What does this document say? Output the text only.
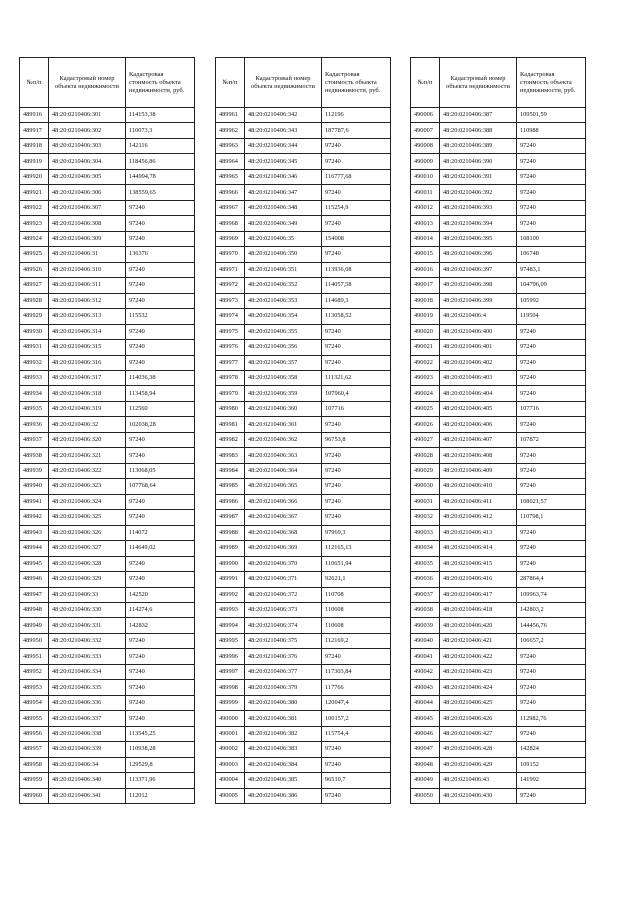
№п/п	Кадастровый номер объекта недвижимости	Кадастровая стоимость объекта недвижимости, руб.
489916	48:20:0210406:301	114153,38
489917	48:20:0210406:302	110073,3
489918	48:20:0210406:303	142116
489919	48:20:0210406:304	118456,86
489920	48:20:0210406:305	144994,78
489921	48:20:0210406:306	138559,65
489922	48:20:0210406:307	97240
489923	48:20:0210406:308	97240
489924	48:20:0210406:309	97240
489925	48:20:0210406:31	136376
489926	48:20:0210406:310	97240
489927	48:20:0210406:311	97240
489928	48:20:0210406:312	97240
489929	48:20:0210406:313	115532
489930	48:20:0210406:314	97240
489931	48:20:0210406:315	97240
489932	48:20:0210406:316	97240
489933	48:20:0210406:317	114036,38
489934	48:20:0210406:318	113458,94
489935	48:20:0210406:319	112560
489936	48:20:0210406:32	102038,28
489937	48:20:0210406:320	97240
489938	48:20:0210406:321	97240
489939	48:20:0210406:322	113068,05
489940	48:20:0210406:323	107768,64
489941	48:20:0210406:324	97240
489942	48:20:0210406:325	97240
489943	48:20:0210406:326	114072
489944	48:20:0210406:327	114649,02
489945	48:20:0210406:328	97240
489946	48:20:0210406:329	97240
489947	48:20:0210406:33	142520
489948	48:20:0210406:330	114274,6
489949	48:20:0210406:331	142832
489950	48:20:0210406:332	97240
489951	48:20:0210406:333	97240
489952	48:20:0210406:334	97240
489953	48:20:0210406:335	97240
489954	48:20:0210406:336	97240
489955	48:20:0210406:337	97240
489956	48:20:0210406:338	113545,25
489957	48:20:0210406:339	110938,28
489958	48:20:0210406:34	129529,8
489959	48:20:0210406:340	113371,96
489960	48:20:0210406:341	112012
№п/п	Кадастровый номер объекта недвижимости	Кадастровая стоимость объекта недвижимости, руб.
489961	48:20:0210406:342	112196
489962	48:20:0210406:343	187787,6
489963	48:20:0210406:344	97240
489964	48:20:0210406:345	97240
489965	48:20:0210406:346	116777,68
489966	48:20:0210406:347	97240
489967	48:20:0210406:348	115254,9
489968	48:20:0210406:349	97240
489969	48:20:0210406:35	154008
489970	48:20:0210406:350	97240
489971	48:20:0210406:351	113936,08
489972	48:20:0210406:352	114057,58
489973	48:20:0210406:353	114689,3
489974	48:20:0210406:354	113058,52
489975	48:20:0210406:355	97240
489976	48:20:0210406:356	97240
489977	48:20:0210406:357	97240
489978	48:20:0210406:358	111321,62
489979	48:20:0210406:359	107960,4
489980	48:20:0210406:360	107716
489981	48:20:0210406:361	97240
489982	48:20:0210406:362	96753,8
489983	48:20:0210406:363	97240
489984	48:20:0210406:364	97240
489985	48:20:0210406:365	97240
489986	48:20:0210406:366	97240
489987	48:20:0210406:367	97240
489988	48:20:0210406:368	97969,3
489989	48:20:0210406:369	112165,13
489990	48:20:0210406:370	110651,94
489991	48:20:0210406:371	92621,1
489992	48:20:0210406:372	110708
489993	48:20:0210406:373	110608
489994	48:20:0210406:374	110608
489995	48:20:0210406:375	112169,2
489996	48:20:0210406:376	97240
489997	48:20:0210406:377	117303,84
489998	48:20:0210406:379	117766
489999	48:20:0210406:380	120047,4
490000	48:20:0210406:381	100157,2
490001	48:20:0210406:382	115754,4
490002	48:20:0210406:383	97240
490003	48:20:0210406:384	97240
490004	48:20:0210406:385	96510,7
490005	48:20:0210406:386	97240
№п/п	Кадастровый номер объекта недвижимости	Кадастровая стоимость объекта недвижимости, руб.
490006	48:20:0210406:387	109501,59
490007	48:20:0210406:388	110988
490008	48:20:0210406:389	97240
490009	48:20:0210406:390	97240
490010	48:20:0210406:391	97240
490011	48:20:0210406:392	97240
490012	48:20:0210406:393	97240
490013	48:20:0210406:394	97240
490014	48:20:0210406:395	108100
490015	48:20:0210406:396	106748
490016	48:20:0210406:397	97483,1
490017	48:20:0210406:398	104796,09
490018	48:20:0210406:399	105992
490019	48:20:0210406:4	119504
490020	48:20:0210406:400	97240
490021	48:20:0210406:401	97240
490022	48:20:0210406:402	97240
490023	48:20:0210406:403	97240
490024	48:20:0210406:404	97240
490025	48:20:0210406:405	107716
490026	48:20:0210406:406	97240
490027	48:20:0210406:407	107872
490028	48:20:0210406:408	97240
490029	48:20:0210406:409	97240
490030	48:20:0210406:410	97240
490031	48:20:0210406:411	108021,57
490032	48:20:0210406:412	110798,1
490033	48:20:0210406:413	97240
490034	48:20:0210406:414	97240
490035	48:20:0210406:415	97240
490036	48:20:0210406:416	287864,4
490037	48:20:0210406:417	109963,74
490038	48:20:0210406:418	142803,2
490039	48:20:0210406:420	144456,76
490040	48:20:0210406:421	106657,2
490041	48:20:0210406:422	97240
490042	48:20:0210406:423	97240
490043	48:20:0210406:424	97240
490044	48:20:0210406:425	97240
490045	48:20:0210406:426	112982,76
490046	48:20:0210406:427	97240
490047	48:20:0210406:428	142824
490048	48:20:0210406:429	109152
490049	48:20:0210406:43	141992
490050	48:20:0210406:430	97240
